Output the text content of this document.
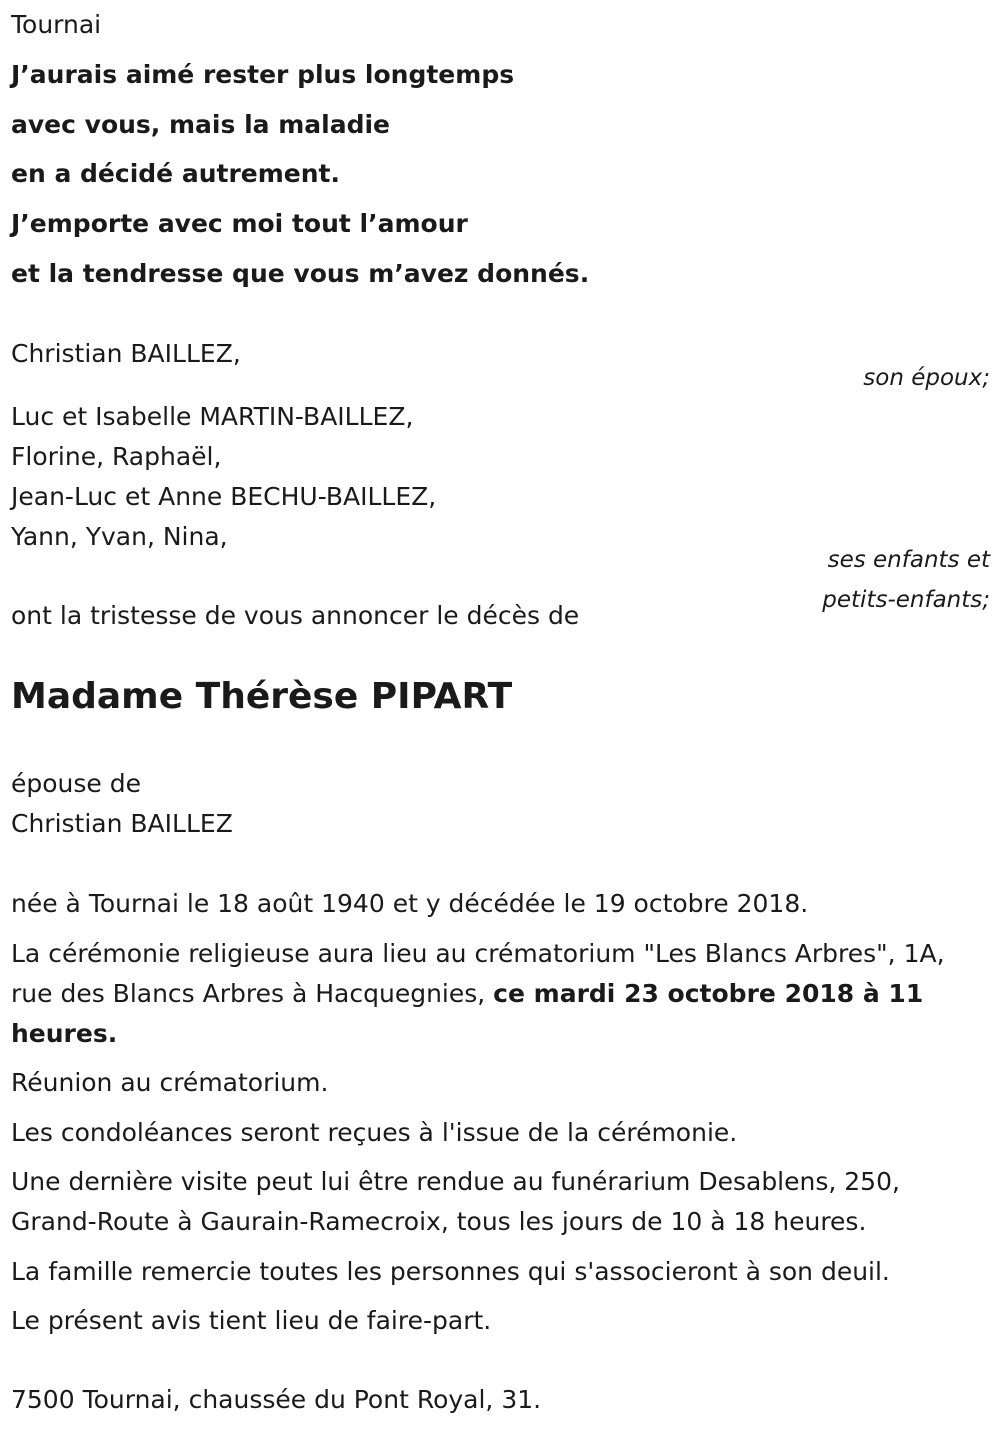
Tournai
J’aurais aimé rester plus longtemps
avec vous, mais la maladie
en a décidé autrement.
J’emporte avec moi tout l’amour
et la tendresse que vous m’avez donnés.
Christian BAILLEZ,
son époux;
Luc et Isabelle MARTIN-BAILLEZ,
Florine, Raphaël,
Jean-Luc et Anne BECHU-BAILLEZ,
Yann, Yvan, Nina,
ses enfants et
petits-enfants;
ont la tristesse de vous annoncer le décès de
Madame Thérèse PIPART
épouse de
Christian BAILLEZ
née à Tournai le 18 août 1940 et y décédée le 19 octobre 2018.
La cérémonie religieuse aura lieu au crématorium "Les Blancs Arbres", 1A, rue des Blancs Arbres à Hacquegnies, ce mardi 23 octobre 2018 à 11 heures.
Réunion au crématorium.
Les condoléances seront reçues à l'issue de la cérémonie.
Une dernière visite peut lui être rendue au funérarium Desablens, 250, Grand-Route à Gaurain-Ramecroix, tous les jours de 10 à 18 heures.
La famille remercie toutes les personnes qui s'associeront à son deuil.
Le présent avis tient lieu de faire-part.
7500 Tournai, chaussée du Pont Royal, 31.
